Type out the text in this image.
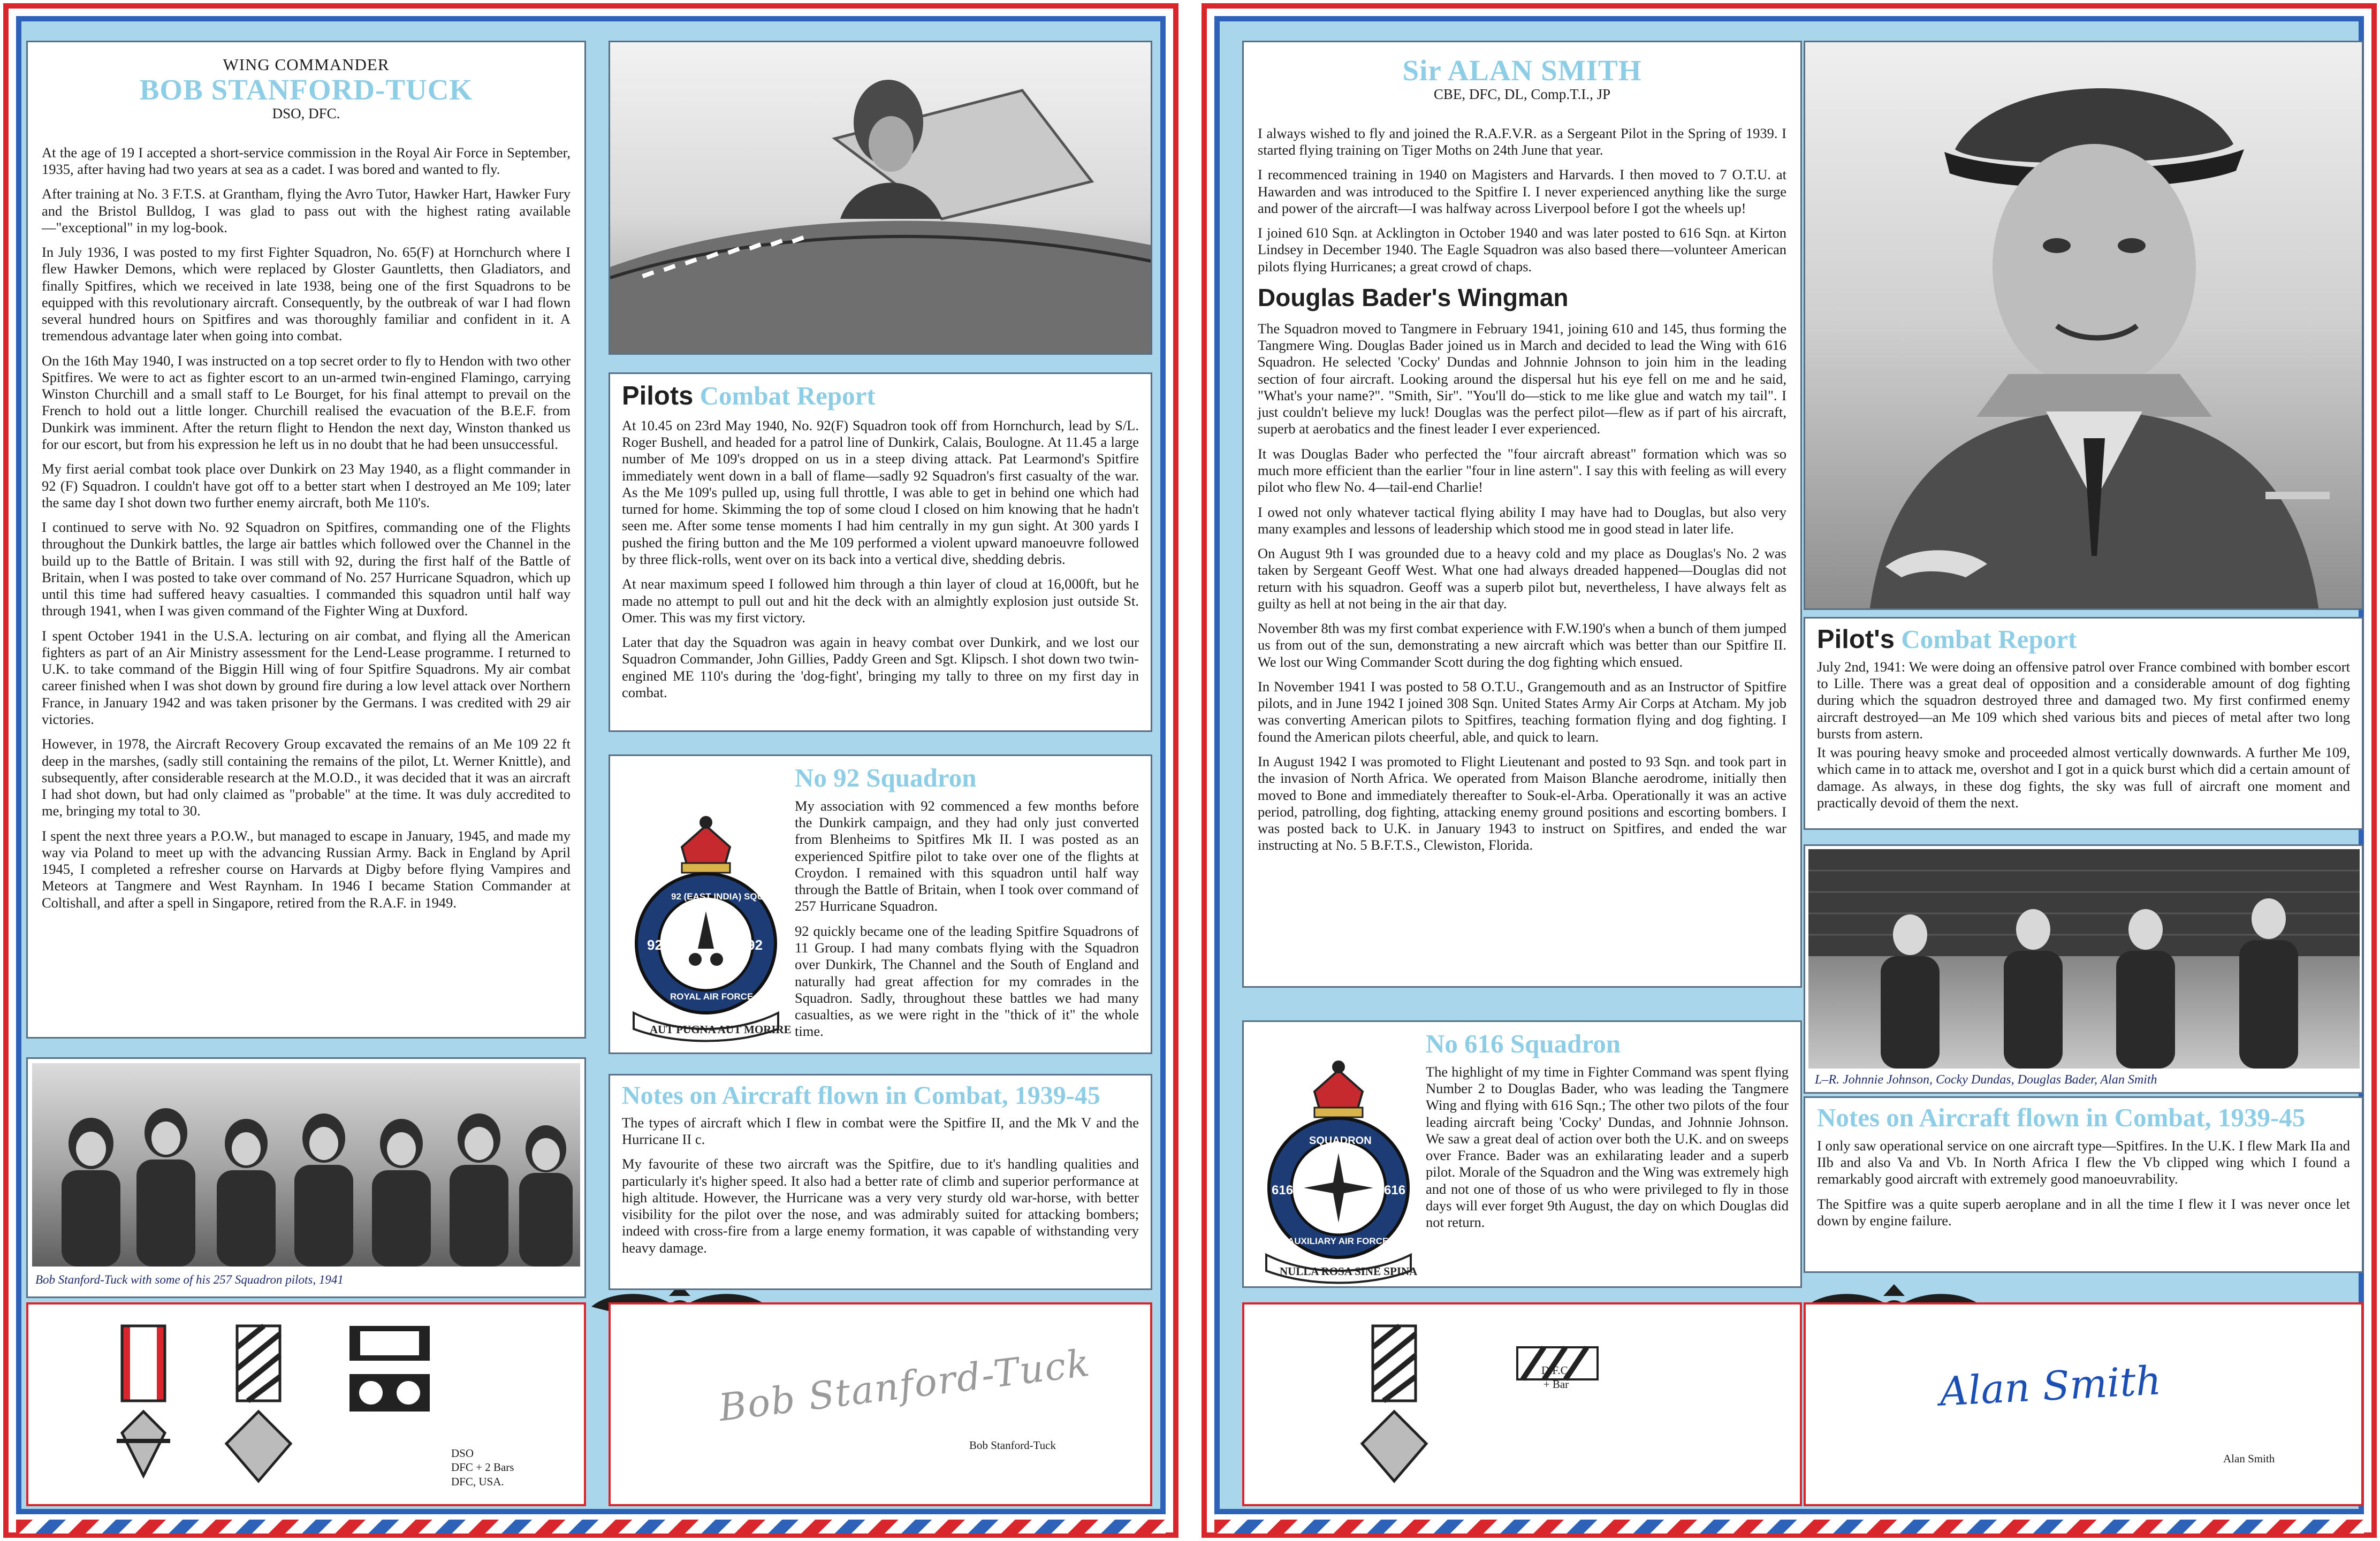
WING COMMANDER
BOB STANFORD-TUCK
DSO, DFC.

At the age of 19 I accepted a short-service commission in the Royal Air Force in September, 1935, after having had two years at sea as a cadet. I was bored and wanted to fly.

After training at No. 3 F.T.S. at Grantham, flying the Avro Tutor, Hawker Hart, Hawker Fury and the Bristol Bulldog, I was glad to pass out with the highest rating available—"exceptional" in my log-book.

In July 1936, I was posted to my first Fighter Squadron, No. 65(F) at Hornchurch where I flew Hawker Demons, which were replaced by Gloster Gauntletts, then Gladiators, and finally Spitfires, which we received in late 1938, being one of the first Squadrons to be equipped with this revolutionary aircraft. Consequently, by the outbreak of war I had flown several hundred hours on Spitfires and was thoroughly familiar and confident in it. A tremendous advantage later when going into combat.

On the 16th May 1940, I was instructed on a top secret order to fly to Hendon with two other Spitfires. We were to act as fighter escort to an un-armed twin-engined Flamingo, carrying Winston Churchill and a small staff to Le Bourget, for his final attempt to prevail on the French to hold out a little longer. Churchill realised the evacuation of the B.E.F. from Dunkirk was imminent. After the return flight to Hendon the next day, Winston thanked us for our escort, but from his expression he left us in no doubt that he had been unsuccessful.

My first aerial combat took place over Dunkirk on 23 May 1940, as a flight commander in 92 (F) Squadron. I couldn't have got off to a better start when I destroyed an Me 109; later the same day I shot down two further enemy aircraft, both Me 110's.

I continued to serve with No. 92 Squadron on Spitfires, commanding one of the Flights throughout the Dunkirk battles, the large air battles which followed over the Channel in the build up to the Battle of Britain. I was still with 92, during the first half of the Battle of Britain, when I was posted to take over command of No. 257 Hurricane Squadron, which up until this time had suffered heavy casualties. I commanded this squadron until half way through 1941, when I was given command of the Fighter Wing at Duxford.

I spent October 1941 in the U.S.A. lecturing on air combat, and flying all the American fighters as part of an Air Ministry assessment for the Lend-Lease programme. I returned to U.K. to take command of the Biggin Hill wing of four Spitfire Squadrons. My air combat career finished when I was shot down by ground fire during a low level attack over Northern France, in January 1942 and was taken prisoner by the Germans. I was credited with 29 air victories.

However, in 1978, the Aircraft Recovery Group excavated the remains of an Me 109 22 ft deep in the marshes, (sadly still containing the remains of the pilot, Lt. Werner Knittle), and subsequently, after considerable research at the M.O.D., it was decided that it was an aircraft I had shot down, but had only claimed as "probable" at the time. It was duly accredited to me, bringing my total to 30.

I spent the next three years a P.O.W., but managed to escape in January, 1945, and made my way via Poland to meet up with the advancing Russian Army. Back in England by April 1945, I completed a refresher course on Harvards at Digby before flying Vampires and Meteors at Tangmere and West Raynham. In 1946 I became Station Commander at Coltishall, and after a spell in Singapore, retired from the R.A.F. in 1949.

Pilots Combat Report

At 10.45 on 23rd May 1940, No. 92(F) Squadron took off from Hornchurch, lead by S/L. Roger Bushell, and headed for a patrol line of Dunkirk, Calais, Boulogne. At 11.45 a large number of Me 109's dropped on us in a steep diving attack. Pat Learmond's Spitfire immediately went down in a ball of flame—sadly 92 Squadron's first casualty of the war. As the Me 109's pulled up, using full throttle, I was able to get in behind one which had turned for home. Skimming the top of some cloud I closed on him knowing that he hadn't seen me. After some tense moments I had him centrally in my gun sight. At 300 yards I pushed the firing button and the Me 109 performed a violent upward manoeuvre followed by three flick-rolls, went over on its back into a vertical dive, shedding debris.

At near maximum speed I followed him through a thin layer of cloud at 16,000ft, but he made no attempt to pull out and hit the deck with an almightly explosion just outside St. Omer. This was my first victory.

Later that day the Squadron was again in heavy combat over Dunkirk, and we lost our Squadron Commander, John Gillies, Paddy Green and Sgt. Klipsch. I shot down two twin-engined ME 110's during the 'dog-fight', bringing my tally to three on my first day in combat.

92	92
92 (EAST INDIA) SQUADRON
ROYAL AIR FORCE
AUT PUGNA AUT MORIRE
No 92 Squadron

My association with 92 commenced a few months before the Dunkirk campaign, and they had only just converted from Blenheims to Spitfires Mk II. I was posted as an experienced Spitfire pilot to take over one of the flights at Croydon. I remained with this squadron until half way through the Battle of Britain, when I took over command of 257 Hurricane Squadron.

92 quickly became one of the leading Spitfire Squadrons of 11 Group. I had many combats flying with the Squadron over Dunkirk, The Channel and the South of England and naturally had great affection for my comrades in the Squadron. Sadly, throughout these battles we had many casualties, as we were right in the "thick of it" the whole time.

Bob Stanford-Tuck with some of his 257 Squadron pilots, 1941
DSO
DFC + 2 Bars
DFC, USA.
Bob Stanford-Tuck
Bob Stanford-Tuck
Sir ALAN SMITH
CBE, DFC, DL, Comp.T.I., JP

I always wished to fly and joined the R.A.F.V.R. as a Sergeant Pilot in the Spring of 1939. I started flying training on Tiger Moths on 24th June that year.

I recommenced training in 1940 on Magisters and Harvards. I then moved to 7 O.T.U. at Hawarden and was introduced to the Spitfire I. I never experienced anything like the surge and power of the aircraft—I was halfway across Liverpool before I got the wheels up!

I joined 610 Sqn. at Acklington in October 1940 and was later posted to 616 Sqn. at Kirton Lindsey in December 1940. The Eagle Squadron was also based there—volunteer American pilots flying Hurricanes; a great crowd of chaps.

Douglas Bader's Wingman

The Squadron moved to Tangmere in February 1941, joining 610 and 145, thus forming the Tangmere Wing. Douglas Bader joined us in March and decided to lead the Wing with 616 Squadron. He selected 'Cocky' Dundas and Johnnie Johnson to join him in the leading section of four aircraft. Looking around the dispersal hut his eye fell on me and he said, "What's your name?". "Smith, Sir". "You'll do—stick to me like glue and watch my tail". I just couldn't believe my luck! Douglas was the perfect pilot—flew as if part of his aircraft, superb at aerobatics and the finest leader I ever experienced.

It was Douglas Bader who perfected the "four aircraft abreast" formation which was so much more efficient than the earlier "four in line astern". I say this with feeling as will every pilot who flew No. 4—tail-end Charlie!

I owed not only whatever tactical flying ability I may have had to Douglas, but also very many examples and lessons of leadership which stood me in good stead in later life.

On August 9th I was grounded due to a heavy cold and my place as Douglas's No. 2 was taken by Sergeant Geoff West. What one had always dreaded happened—Douglas did not return with his squadron. Geoff was a superb pilot but, nevertheless, I have always felt as guilty as hell at not being in the air that day.

November 8th was my first combat experience with F.W.190's when a bunch of them jumped us from out of the sun, demonstrating a new aircraft which was better than our Spitfire II. We lost our Wing Commander Scott during the dog fighting which ensued.

In November 1941 I was posted to 58 O.T.U., Grangemouth and as an Instructor of Spitfire pilots, and in June 1942 I joined 308 Sqn. United States Army Air Corps at Atcham. My job was converting American pilots to Spitfires, teaching formation flying and dog fighting. I found the American pilots cheerful, able, and quick to learn.

In August 1942 I was promoted to Flight Lieutenant and posted to 93 Sqn. and took part in the invasion of North Africa. We operated from Maison Blanche aerodrome, initially then moved to Bone and immediately thereafter to Souk-el-Arba. Operationally it was an active period, patrolling, dog fighting, attacking enemy ground positions and escorting bombers. I was posted back to U.K. in January 1943 to instruct on Spitfires, and ended the war instructing at No. 5 B.F.T.S., Clewiston, Florida.

Pilot's Combat Report

July 2nd, 1941: We were doing an offensive patrol over France combined with bomber escort to Lille. There was a great deal of opposition and a considerable amount of dog fighting during which the squadron destroyed three and damaged two. My first confirmed enemy aircraft destroyed—an Me 109 which shed various bits and pieces of metal after two long bursts from astern.

It was pouring heavy smoke and proceeded almost vertically downwards. A further Me 109, which came in to attack me, overshot and I got in a quick burst which did a certain amount of damage. As always, in these dog fights, the sky was full of aircraft one moment and practically devoid of them the next.

L–R. Johnnie Johnson, Cocky Dundas, Douglas Bader, Alan Smith
Notes on Aircraft flown in Combat, 1939-45

I only saw operational service on one aircraft type—Spitfires. In the U.K. I flew Mark IIa and IIb and also Va and Vb. In North Africa I flew the Vb clipped wing which I found a remarkably good aircraft with extremely good manoeuvrability.

The Spitfire was a quite superb aeroplane and in all the time I flew it I was never once let down by engine failure.

616	616
SQUADRON
AUXILIARY AIR FORCE
NULLA ROSA SINE SPINA
No 616 Squadron

The highlight of my time in Fighter Command was spent flying Number 2 to Douglas Bader, who was leading the Tangmere Wing and flying with 616 Sqn.; The other two pilots of the four leading aircraft being 'Cocky' Dundas, and Johnnie Johnson. We saw a great deal of action over both the U.K. and on sweeps over France. Bader was an exhilarating leader and a superb pilot. Morale of the Squadron and the Wing was extremely high and not one of those of us who were privileged to fly in those days will ever forget 9th August, the day on which Douglas did not return.

D.F.C.
+ Bar	Alan Smith
Alan Smith
Notes on Aircraft flown in Combat, 1939-45

The types of aircraft which I flew in combat were the Spitfire II, and the Mk V and the Hurricane II c.

My favourite of these two aircraft was the Spitfire, due to it's handling qualities and particularly it's higher speed. It also had a better rate of climb and superior performance at high altitude. However, the Hurricane was a very very sturdy old war-horse, with better visibility for the pilot over the nose, and was admirably suited for attacking bombers; indeed with cross-fire from a large enemy formation, it was capable of withstanding very heavy damage.
